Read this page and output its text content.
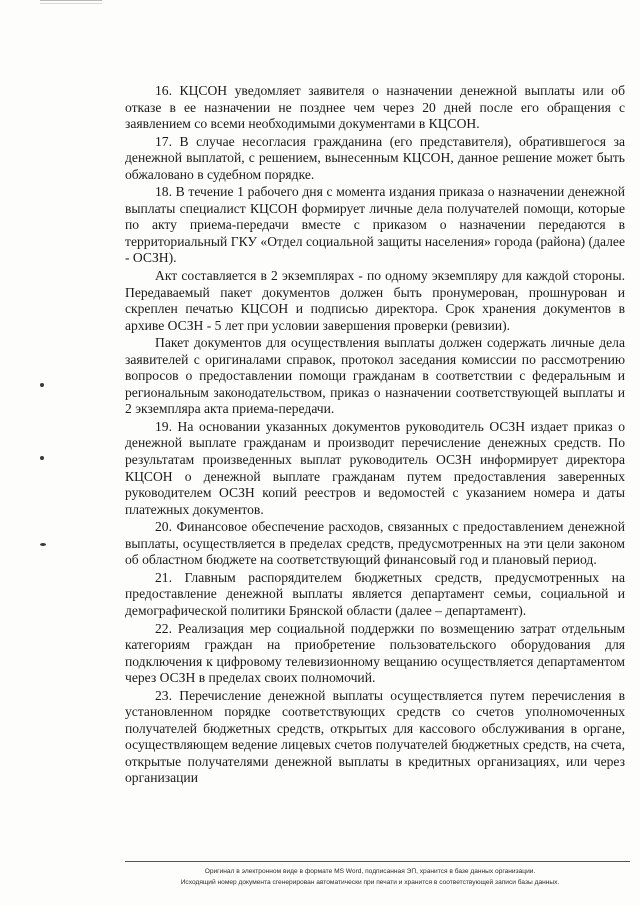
16. КЦСОН уведомляет заявителя о назначении денежной выплаты или об отказе в ее назначении не позднее чем через 20 дней после его обращения с заявлением со всеми необходимыми документами в КЦСОН.

17. В случае несогласия гражданина (его представителя), обратившегося за денежной выплатой, с решением, вынесенным КЦСОН, данное решение может быть обжаловано в судебном порядке.

18. В течение 1 рабочего дня с момента издания приказа о назначении денежной выплаты специалист КЦСОН формирует личные дела получателей помощи, которые по акту приема-передачи вместе с приказом о назначении передаются в территориальный ГКУ «Отдел социальной защиты населения» города (района) (далее - ОСЗН).

Акт составляется в 2 экземплярах - по одному экземпляру для каждой стороны. Передаваемый пакет документов должен быть пронумерован, прошнурован и скреплен печатью КЦСОН и подписью директора. Срок хранения документов в архиве ОСЗН - 5 лет при условии завершения проверки (ревизии).

Пакет документов для осуществления выплаты должен содержать личные дела заявителей с оригиналами справок, протокол заседания комиссии по рассмотрению вопросов о предоставлении помощи гражданам в соответствии с федеральным и региональным законодательством, приказ о назначении соответствующей выплаты и 2 экземпляра акта приема-передачи.

19. На основании указанных документов руководитель ОСЗН издает приказ о денежной выплате гражданам и производит перечисление денежных средств. По результатам произведенных выплат руководитель ОСЗН информирует директора КЦСОН о денежной выплате гражданам путем предоставления заверенных руководителем ОСЗН копий реестров и ведомостей с указанием номера и даты платежных документов.

20. Финансовое обеспечение расходов, связанных с предоставлением денежной выплаты, осуществляется в пределах средств, предусмотренных на эти цели законом об областном бюджете на соответствующий финансовый год и плановый период.

21. Главным распорядителем бюджетных средств, предусмотренных на предоставление денежной выплаты является департамент семьи, социальной и демографической политики Брянской области (далее – департамент).

22. Реализация мер социальной поддержки по возмещению затрат отдельным категориям граждан на приобретение пользовательского оборудования для подключения к цифровому телевизионному вещанию осуществляется департаментом через ОСЗН в пределах своих полномочий.

23. Перечисление денежной выплаты осуществляется путем перечисления в установленном порядке соответствующих средств со счетов уполномоченных получателей бюджетных средств, открытых для кассового обслуживания в органе, осуществляющем ведение лицевых счетов получателей бюджетных средств, на счета, открытые получателями денежной выплаты в кредитных организациях, или через организации

Оригинал в электронном виде в формате MS Word, подписанная ЭП, хранится в базе данных организации.
Исходящий номер документа сгенерирован автоматически при печати и хранится в соответствующей записи базы данных.
